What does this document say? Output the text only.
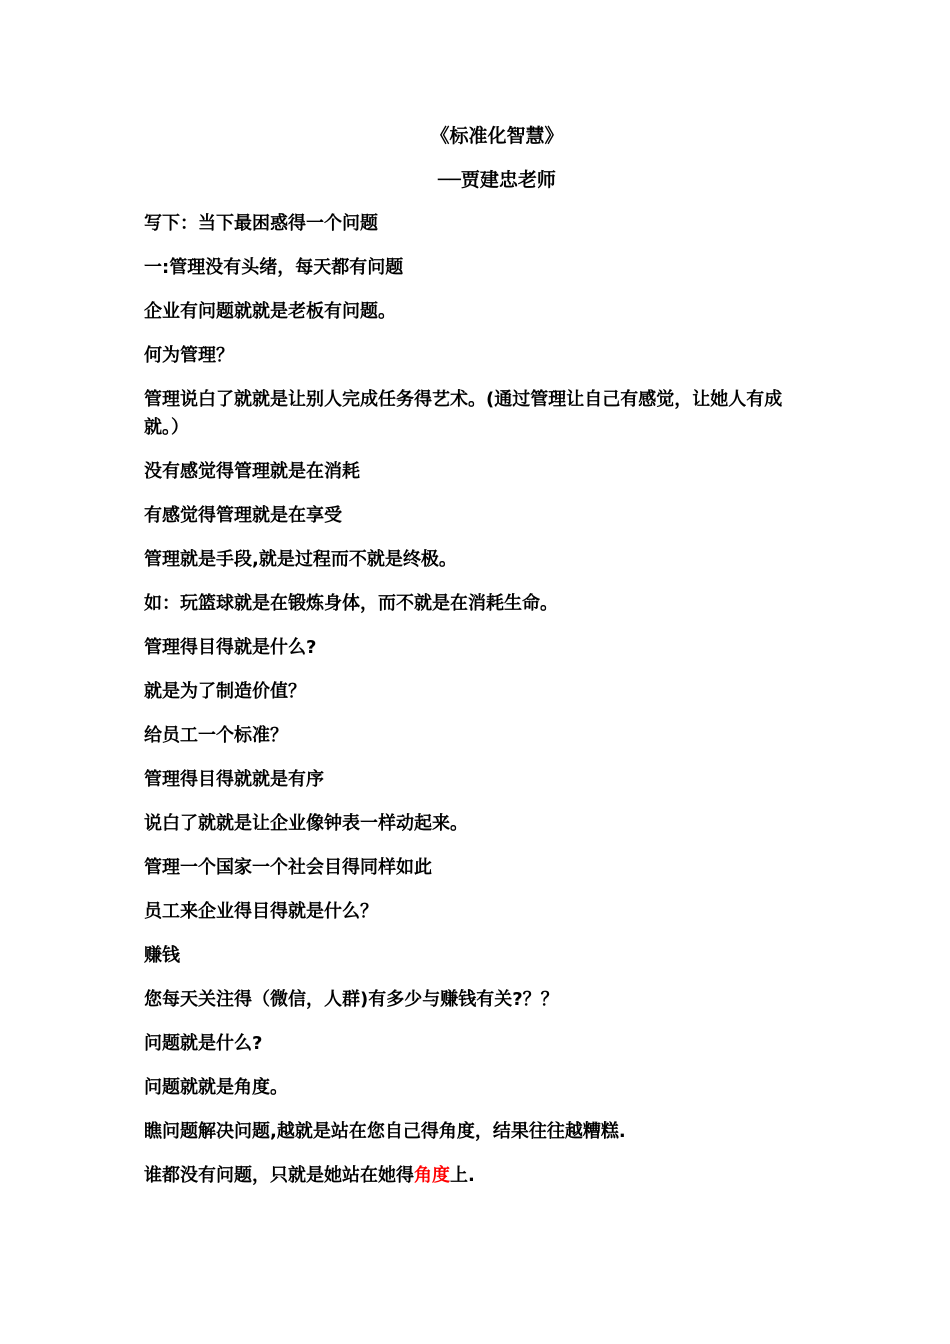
《标准化智慧》
──贾建忠老师

写下：当下最困惑得一个问题

一:管理没有头绪，每天都有问题

企业有问题就就是老板有问题。

何为管理？

管理说白了就就是让别人完成任务得艺术。(通过管理让自己有感觉，让她人有成就。）

没有感觉得管理就是在消耗

有感觉得管理就是在享受

管理就是手段,就是过程而不就是终极。

如：玩篮球就是在锻炼身体，而不就是在消耗生命。

管理得目得就是什么?

就是为了制造价值？

给员工一个标准？

管理得目得就就是有序

说白了就就是让企业像钟表一样动起来。

管理一个国家一个社会目得同样如此

员工来企业得目得就是什么？

赚钱

您每天关注得（微信，人群)有多少与赚钱有关?？？

问题就是什么?

问题就就是角度。

瞧问题解决问题,越就是站在您自己得角度，结果往往越糟糕.

谁都没有问题，只就是她站在她得角度上.
